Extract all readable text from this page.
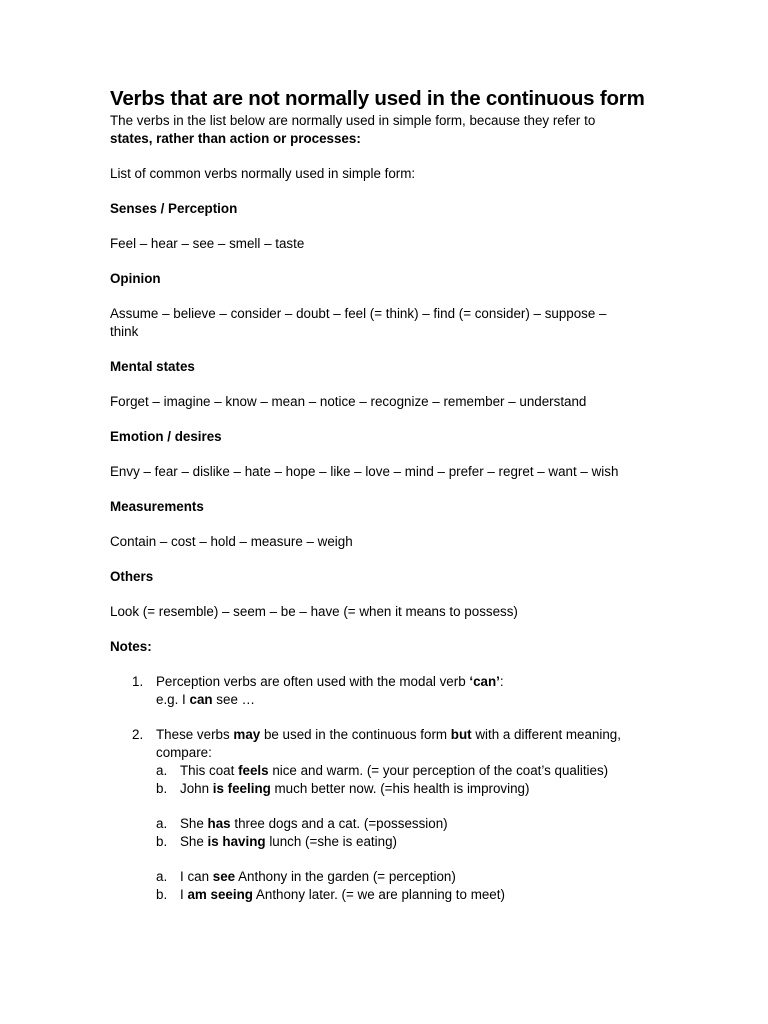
Verbs that are not normally used in the continuous form

The verbs in the list below are normally used in simple form, because they refer to

states, rather than action or processes:

List of common verbs normally used in simple form:

Senses / Perception

Feel – hear – see – smell – taste

Opinion

Assume – believe – consider – doubt – feel (= think) – find (= consider) – suppose –

think

Mental states

Forget – imagine – know – mean – notice – recognize – remember – understand

Emotion / desires

Envy – fear – dislike – hate – hope – like – love – mind – prefer – regret – want – wish

Measurements

Contain – cost – hold – measure – weigh

Others

Look (= resemble) – seem – be – have (= when it means to possess)

Notes:

1. Perception verbs are often used with the modal verb ‘can’:
e.g. I can see …
2. These verbs may be used in the continuous form but with a different meaning,
compare:
a. This coat feels nice and warm. (= your perception of the coat’s qualities)
b. John is feeling much better now. (=his health is improving)
a. She has three dogs and a cat. (=possession)
b. She is having lunch (=she is eating)
a. I can see Anthony in the garden (= perception)
b. I am seeing Anthony later. (= we are planning to meet)
